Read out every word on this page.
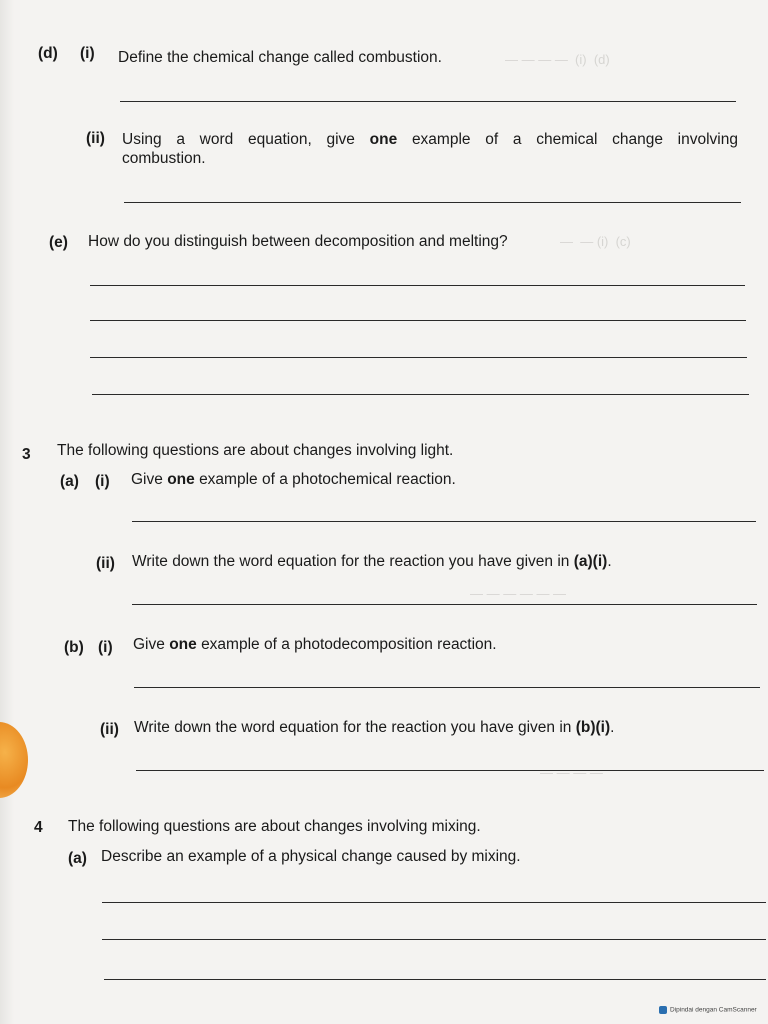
— — — —  (i)  (d)
—  — (i)  (c)
— — — — — —
— — — —
(d) (i) Define the chemical change called combustion.
(ii) Using a word equation, give one example of a chemical change involving
combustion.
(e) How do you distinguish between decomposition and melting?
3 The following questions are about changes involving light.
(a) (i) Give one example of a photochemical reaction.
(ii) Write down the word equation for the reaction you have given in (a)(i).
(b) (i) Give one example of a photodecomposition reaction.
(ii) Write down the word equation for the reaction you have given in (b)(i).
4 The following questions are about changes involving mixing.
(a) Describe an example of a physical change caused by mixing.
Dipindai dengan CamScanner
